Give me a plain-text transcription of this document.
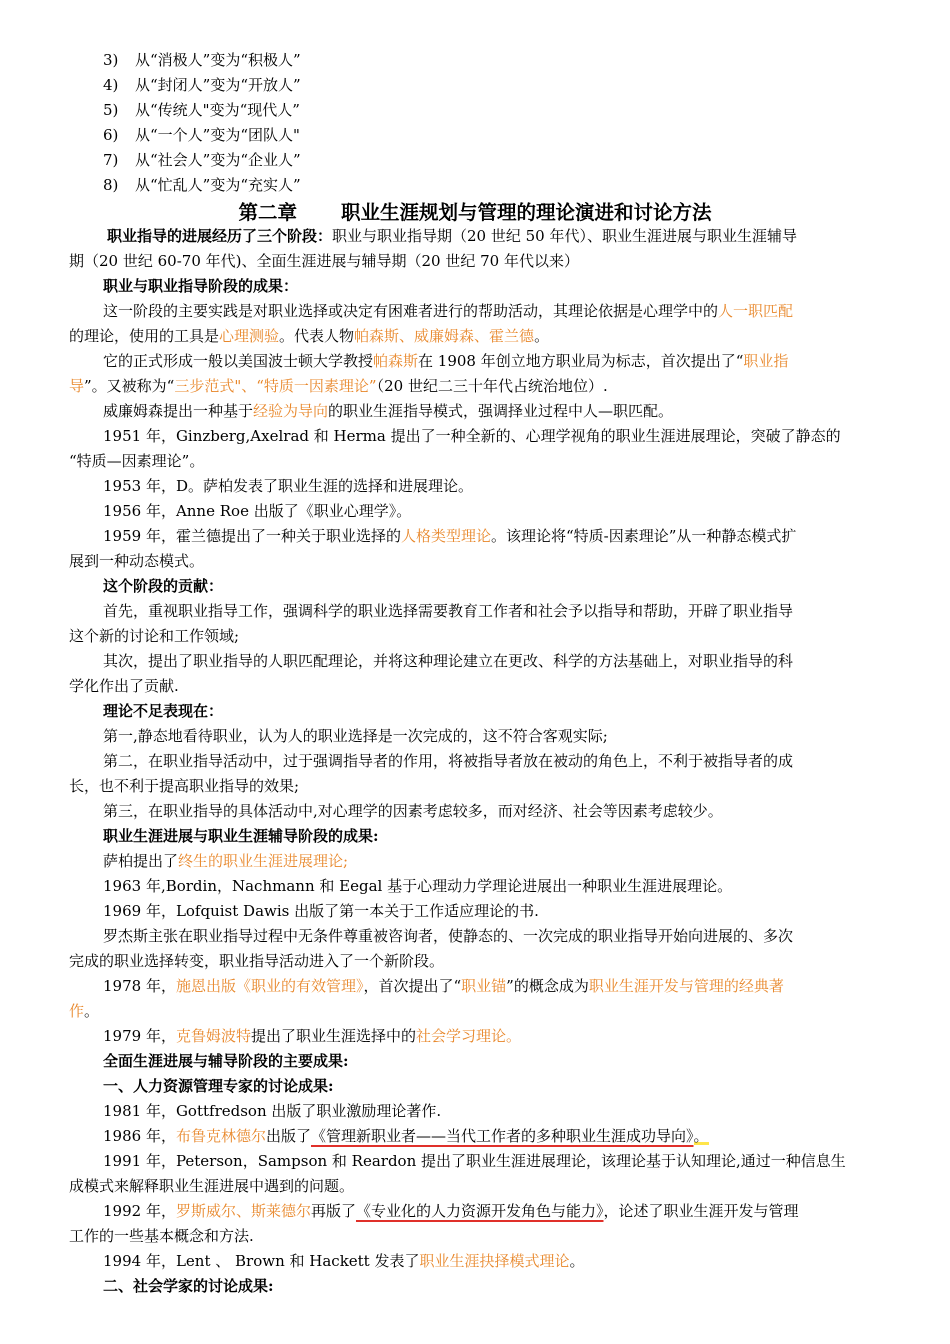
3) 从“消极人”变为“积极人”
4) 从“封闭人”变为“开放人”
5) 从“传统人"变为“现代人”
6) 从“一个人”变为“团队人"
7) 从“社会人”变为“企业人”
8) 从“忙乱人”变为“充实人”
第二章 职业生涯规划与管理的理论演进和讨论方法
职业指导的进展经历了三个阶段：职业与职业指导期（20 世纪 50 年代）、职业生涯进展与职业生涯辅导
期（20 世纪 60-70 年代)、全面生涯进展与辅导期（20 世纪 70 年代以来）
职业与职业指导阶段的成果：
这一阶段的主要实践是对职业选择或决定有困难者进行的帮助活动，其理论依据是心理学中的人一职匹配
的理论，使用的工具是心理测验。代表人物帕森斯、威廉姆森、霍兰德。
它的正式形成一般以美国波士顿大学教授帕森斯在 1908 年创立地方职业局为标志，首次提出了“职业指
导”。又被称为“三步范式"、“特质一因素理论”（20 世纪二三十年代占统治地位）.
威廉姆森提出一种基于经验为导向的职业生涯指导模式，强调择业过程中人—职匹配。
1951 年，Ginzberg,Axelrad 和 Herma 提出了一种全新的、心理学视角的职业生涯进展理论，突破了静态的
“特质—因素理论”。
1953 年，D。萨柏发表了职业生涯的选择和进展理论。
1956 年，Anne Roe 出版了《职业心理学》。
1959 年，霍兰德提出了一种关于职业选择的人格类型理论。该理论将“特质-因素理论”从一种静态模式扩
展到一种动态模式。
这个阶段的贡献：
首先，重视职业指导工作，强调科学的职业选择需要教育工作者和社会予以指导和帮助，开辟了职业指导
这个新的讨论和工作领域;
其次，提出了职业指导的人职匹配理论，并将这种理论建立在更改、科学的方法基础上，对职业指导的科
学化作出了贡献.
理论不足表现在：
第一,静态地看待职业，认为人的职业选择是一次完成的，这不符合客观实际;
第二，在职业指导活动中，过于强调指导者的作用，将被指导者放在被动的角色上，不利于被指导者的成
长，也不利于提高职业指导的效果;
第三，在职业指导的具体活动中,对心理学的因素考虑较多，而对经济、社会等因素考虑较少。
职业生涯进展与职业生涯辅导阶段的成果:
萨柏提出了终生的职业生涯进展理论;
1963 年,Bordin，Nachmann 和 Eegal 基于心理动力学理论进展出一种职业生涯进展理论。
1969 年，Lofquist Dawis 出版了第一本关于工作适应理论的书.
罗杰斯主张在职业指导过程中无条件尊重被咨询者，使静态的、一次完成的职业指导开始向进展的、多次
完成的职业选择转变，职业指导活动进入了一个新阶段。
1978 年，施恩出版《职业的有效管理》，首次提出了“职业锚”的概念成为职业生涯开发与管理的经典著
作。
1979 年，克鲁姆波特提出了职业生涯选择中的社会学习理论。
全面生涯进展与辅导阶段的主要成果:
一、人力资源管理专家的讨论成果:
1981 年，Gottfredson 出版了职业激励理论著作.
1986 年，布鲁克林德尔出版了《管理新职业者——当代工作者的多种职业生涯成功导向》。
1991 年，Peterson，Sampson 和 Reardon 提出了职业生涯进展理论，该理论基于认知理论,通过一种信息生
成模式来解释职业生涯进展中遇到的问题。
1992 年，罗斯威尔、斯莱德尔再版了《专业化的人力资源开发角色与能力》，论述了职业生涯开发与管理
工作的一些基本概念和方法.
1994 年，Lent 、 Brown 和 Hackett 发表了职业生涯抉择模式理论。
二、社会学家的讨论成果:
